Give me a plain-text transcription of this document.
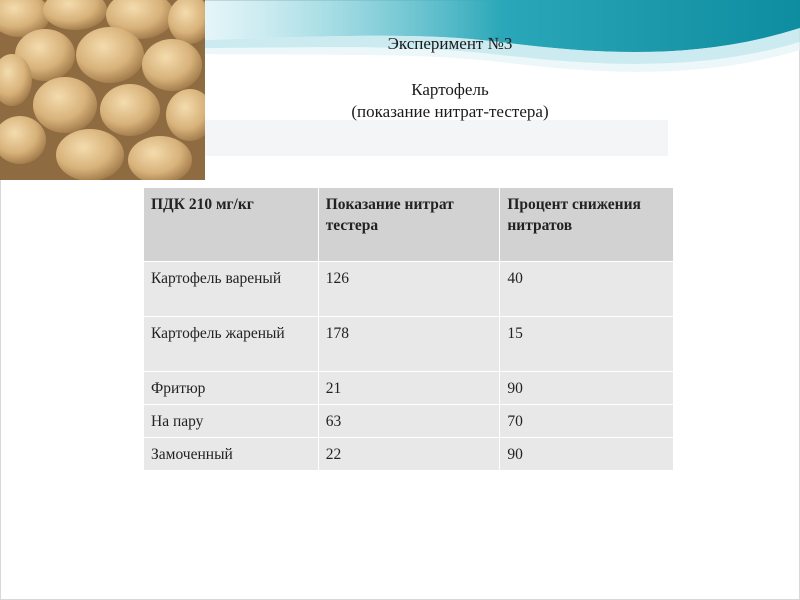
Эксперимент №3
Картофель
(показание нитрат-тестера)
ПДК 210 мг/кг	Показание нитрат тестера	Процент снижения нитратов
Картофель вареный	126	40
Картофель жареный	178	15
Фритюр	21	90
На пару	63	70
Замоченный	22	90
